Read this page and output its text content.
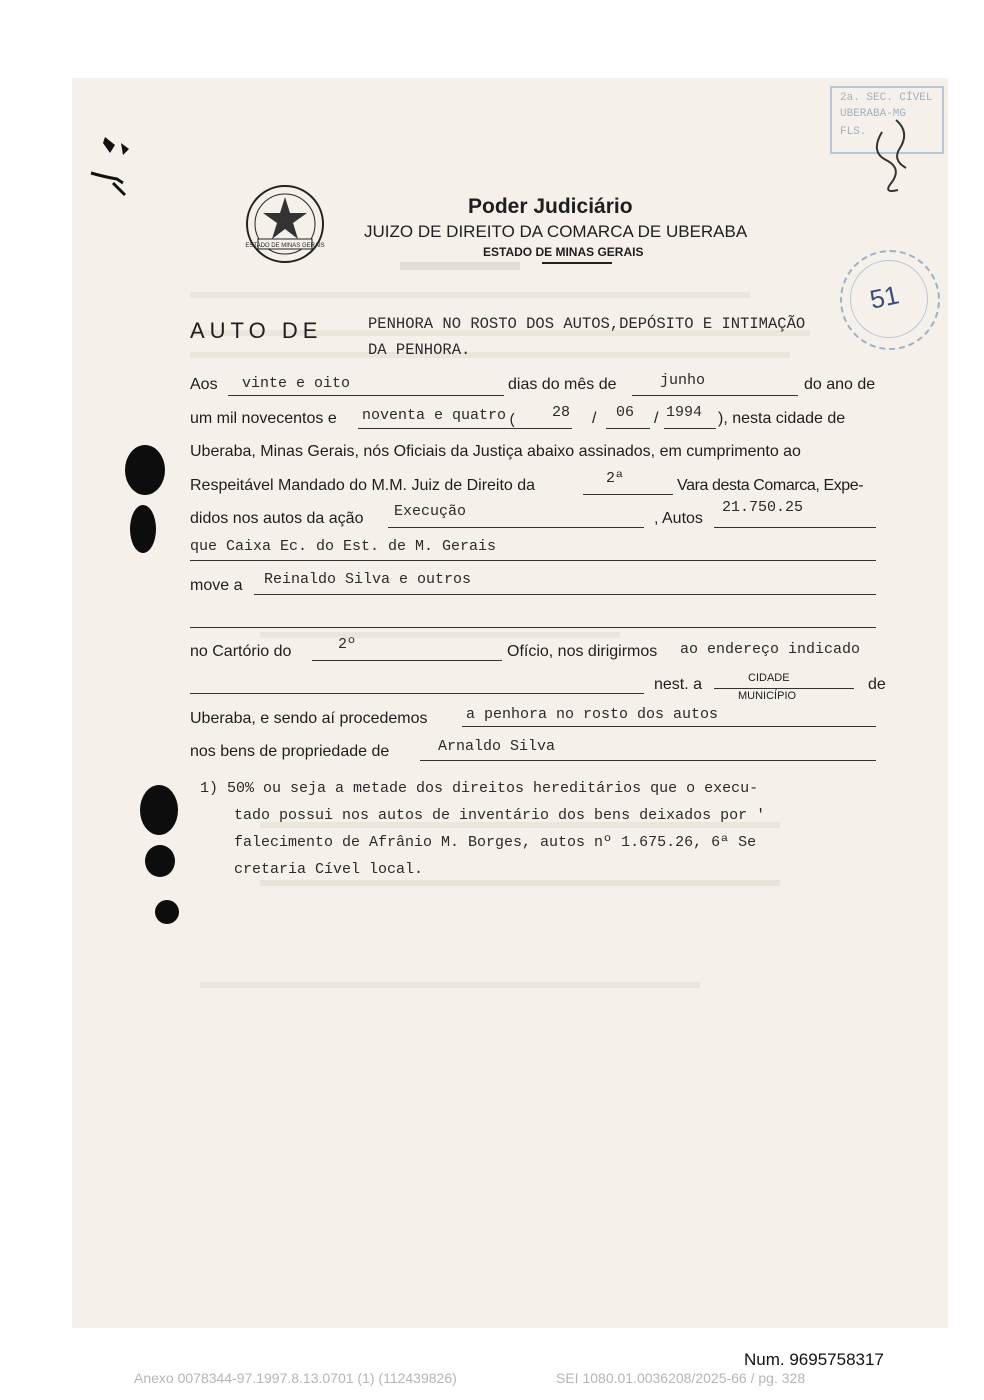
ESTADO DE MINAS GERAIS
Poder Judiciário
JUIZO DE DIREITO DA COMARCA DE UBERABA
ESTADO DE MINAS GERAIS
2a. SEC. CÍVEL
UBERABA-MG
FLS.
51
AUTO DE	PENHORA NO ROSTO DOS AUTOS,DEPÓSITO E INTIMAÇÃO
DA PENHORA.
Aos vinte e oito	dias do mês de	junho	do ano de
um mil novecentos e noventa e quatro ( 28 / 06 / 1994 ), nesta cidade de
Uberaba, Minas Gerais, nós Oficiais da Justiça abaixo assinados, em cumprimento ao
Respeitável Mandado do M.M. Juiz de Direito da	2ª	Vara desta Comarca, Expe-
didos nos autos da ação Execução	, Autos
21.750.25
que Caixa Ec. do Est. de M. Gerais
move a Reinaldo Silva e outros
no Cartório do	2º	Ofício, nos dirigirmos ao endereço indicado
nest. a	CIDADE
MUNICÍPIO
de
Uberaba, e sendo aí procedemos	a penhora no rosto dos autos
nos bens de propriedade de	Arnaldo Silva
1) 50% ou seja a metade dos direitos hereditários que o execu-
tado possui nos autos de inventário dos bens deixados por '
falecimento de Afrânio M. Borges, autos nº 1.675.26, 6ª Se
cretaria Cível local.
Num. 9695758317
Anexo 0078344-97.1997.8.13.0701 (1) (112439826)	SEI 1080.01.0036208/2025-66 / pg. 328
